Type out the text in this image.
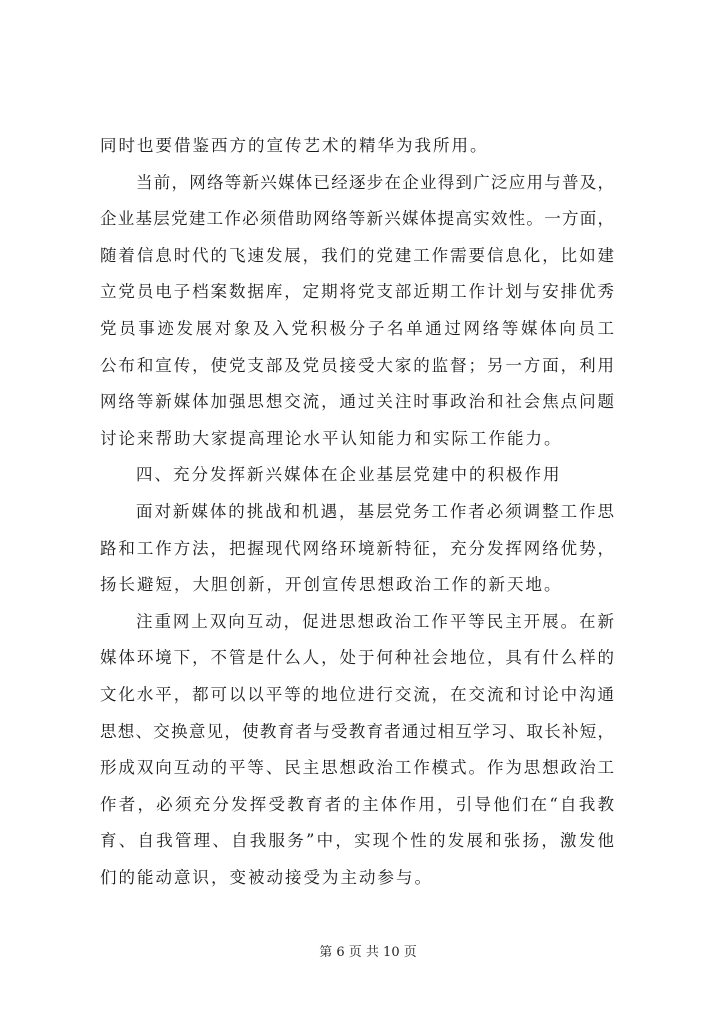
同时也要借鉴西方的宣传艺术的精华为我所用。
当前，网络等新兴媒体已经逐步在企业得到广泛应用与普及，
企业基层党建工作必须借助网络等新兴媒体提高实效性。一方面，
随着信息时代的飞速发展，我们的党建工作需要信息化，比如建
立党员电子档案数据库，定期将党支部近期工作计划与安排优秀
党员事迹发展对象及入党积极分子名单通过网络等媒体向员工
公布和宣传，使党支部及党员接受大家的监督；另一方面，利用
网络等新媒体加强思想交流，通过关注时事政治和社会焦点问题
讨论来帮助大家提高理论水平认知能力和实际工作能力。
四、充分发挥新兴媒体在企业基层党建中的积极作用
面对新媒体的挑战和机遇，基层党务工作者必须调整工作思
路和工作方法，把握现代网络环境新特征，充分发挥网络优势，
扬长避短，大胆创新，开创宣传思想政治工作的新天地。
注重网上双向互动，促进思想政治工作平等民主开展。在新
媒体环境下，不管是什么人，处于何种社会地位，具有什么样的
文化水平，都可以以平等的地位进行交流，在交流和讨论中沟通
思想、交换意见，使教育者与受教育者通过相互学习、取长补短，
形成双向互动的平等、民主思想政治工作模式。作为思想政治工
作者，必须充分发挥受教育者的主体作用，引导他们在“自我教
育、自我管理、自我服务”中，实现个性的发展和张扬，激发他
们的能动意识，变被动接受为主动参与。
第 6 页 共 10 页
